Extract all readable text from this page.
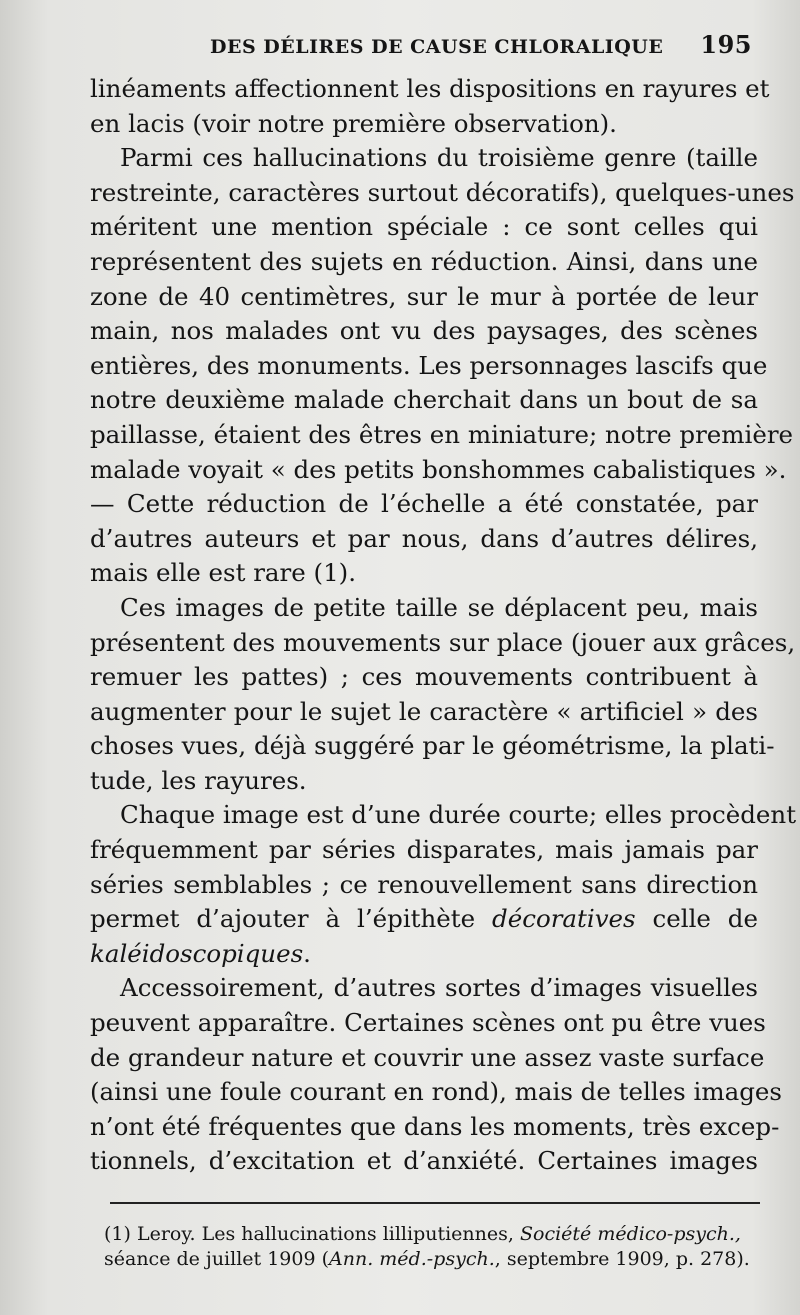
DES DÉLIRES DE CAUSE CHLORALIQUE 195
linéaments affectionnent les dispositions en rayures et
en lacis (voir notre première observation).
Parmi ces hallucinations du troisième genre (taille
restreinte, caractères surtout décoratifs), quelques-unes
méritent une mention spéciale : ce sont celles qui
représentent des sujets en réduction. Ainsi, dans une
zone de 40 centimètres, sur le mur à portée de leur
main, nos malades ont vu des paysages, des scènes
entières, des monuments. Les personnages lascifs que
notre deuxième malade cherchait dans un bout de sa
paillasse, étaient des êtres en miniature; notre première
malade voyait « des petits bonshommes cabalistiques ».
— Cette réduction de l’échelle a été constatée, par
d’autres auteurs et par nous, dans d’autres délires,
mais elle est rare (1).
Ces images de petite taille se déplacent peu, mais
présentent des mouvements sur place (jouer aux grâces,
remuer les pattes) ; ces mouvements contribuent à
augmenter pour le sujet le caractère « artificiel » des
choses vues, déjà suggéré par le géométrisme, la plati-
tude, les rayures.
Chaque image est d’une durée courte; elles procèdent
fréquemment par séries disparates, mais jamais par
séries semblables ; ce renouvellement sans direction
permet d’ajouter à l’épithète décoratives celle de
kaléidoscopiques.
Accessoirement, d’autres sortes d’images visuelles
peuvent apparaître. Certaines scènes ont pu être vues
de grandeur nature et couvrir une assez vaste surface
(ainsi une foule courant en rond), mais de telles images
n’ont été fréquentes que dans les moments, très excep-
tionnels, d’excitation et d’anxiété. Certaines images
(1) Leroy. Les hallucinations lilliputiennes, Société médico-psych.,
séance de juillet 1909 (Ann. méd.-psych., septembre 1909, p. 278).
